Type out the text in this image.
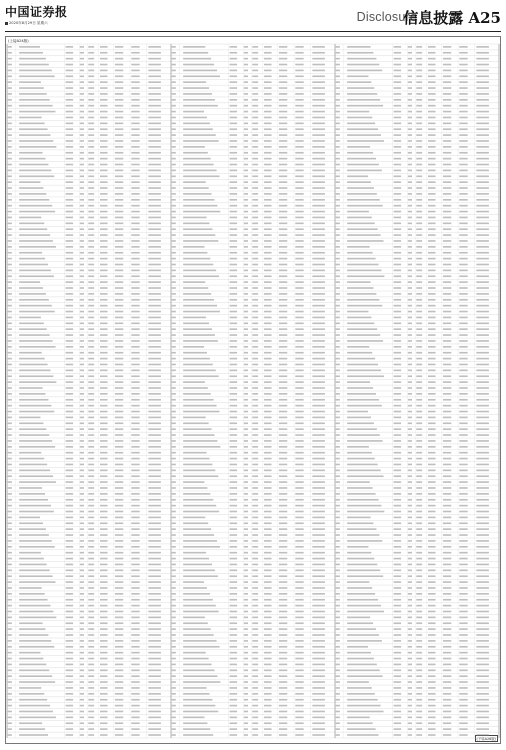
中国证券报
2020年8月29日 星期六	Disclosure
信息披露 A25
(上接A24版)
(下转A26版)
